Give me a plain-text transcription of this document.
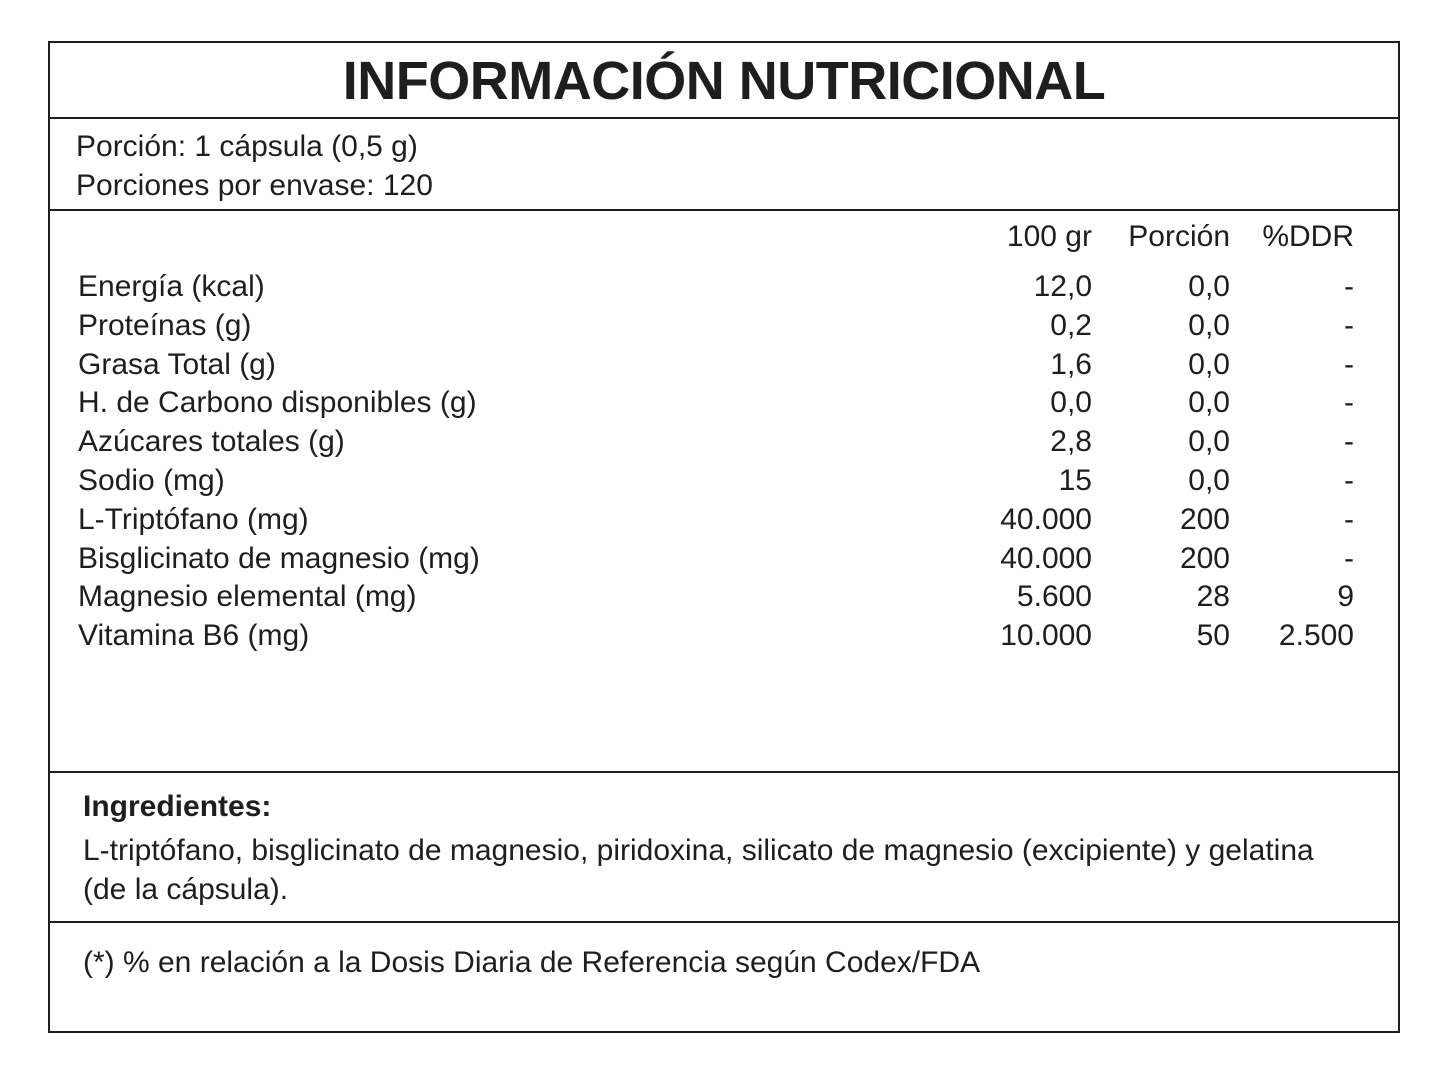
INFORMACIÓN NUTRICIONAL
Porción: 1 cápsula (0,5 g)
Porciones por envase: 120
	100 gr	Porción	%DDR
Energía (kcal)	12,0	0,0	-
Proteínas (g)	0,2	0,0	-
Grasa Total (g)	1,6	0,0	-
H. de Carbono disponibles (g)	0,0	0,0	-
Azúcares totales (g)	2,8	0,0	-
Sodio (mg)	15	0,0	-
L-Triptófano (mg)	40.000	200	-
Bisglicinato de magnesio (mg)	40.000	200	-
Magnesio elemental (mg)	5.600	28	9
Vitamina B6 (mg)	10.000	50	2.500
Ingredientes:
L-triptófano, bisglicinato de magnesio, piridoxina, silicato de magnesio (excipiente) y gelatina (de la cápsula).
(*) % en relación a la Dosis Diaria de Referencia según Codex/FDA
